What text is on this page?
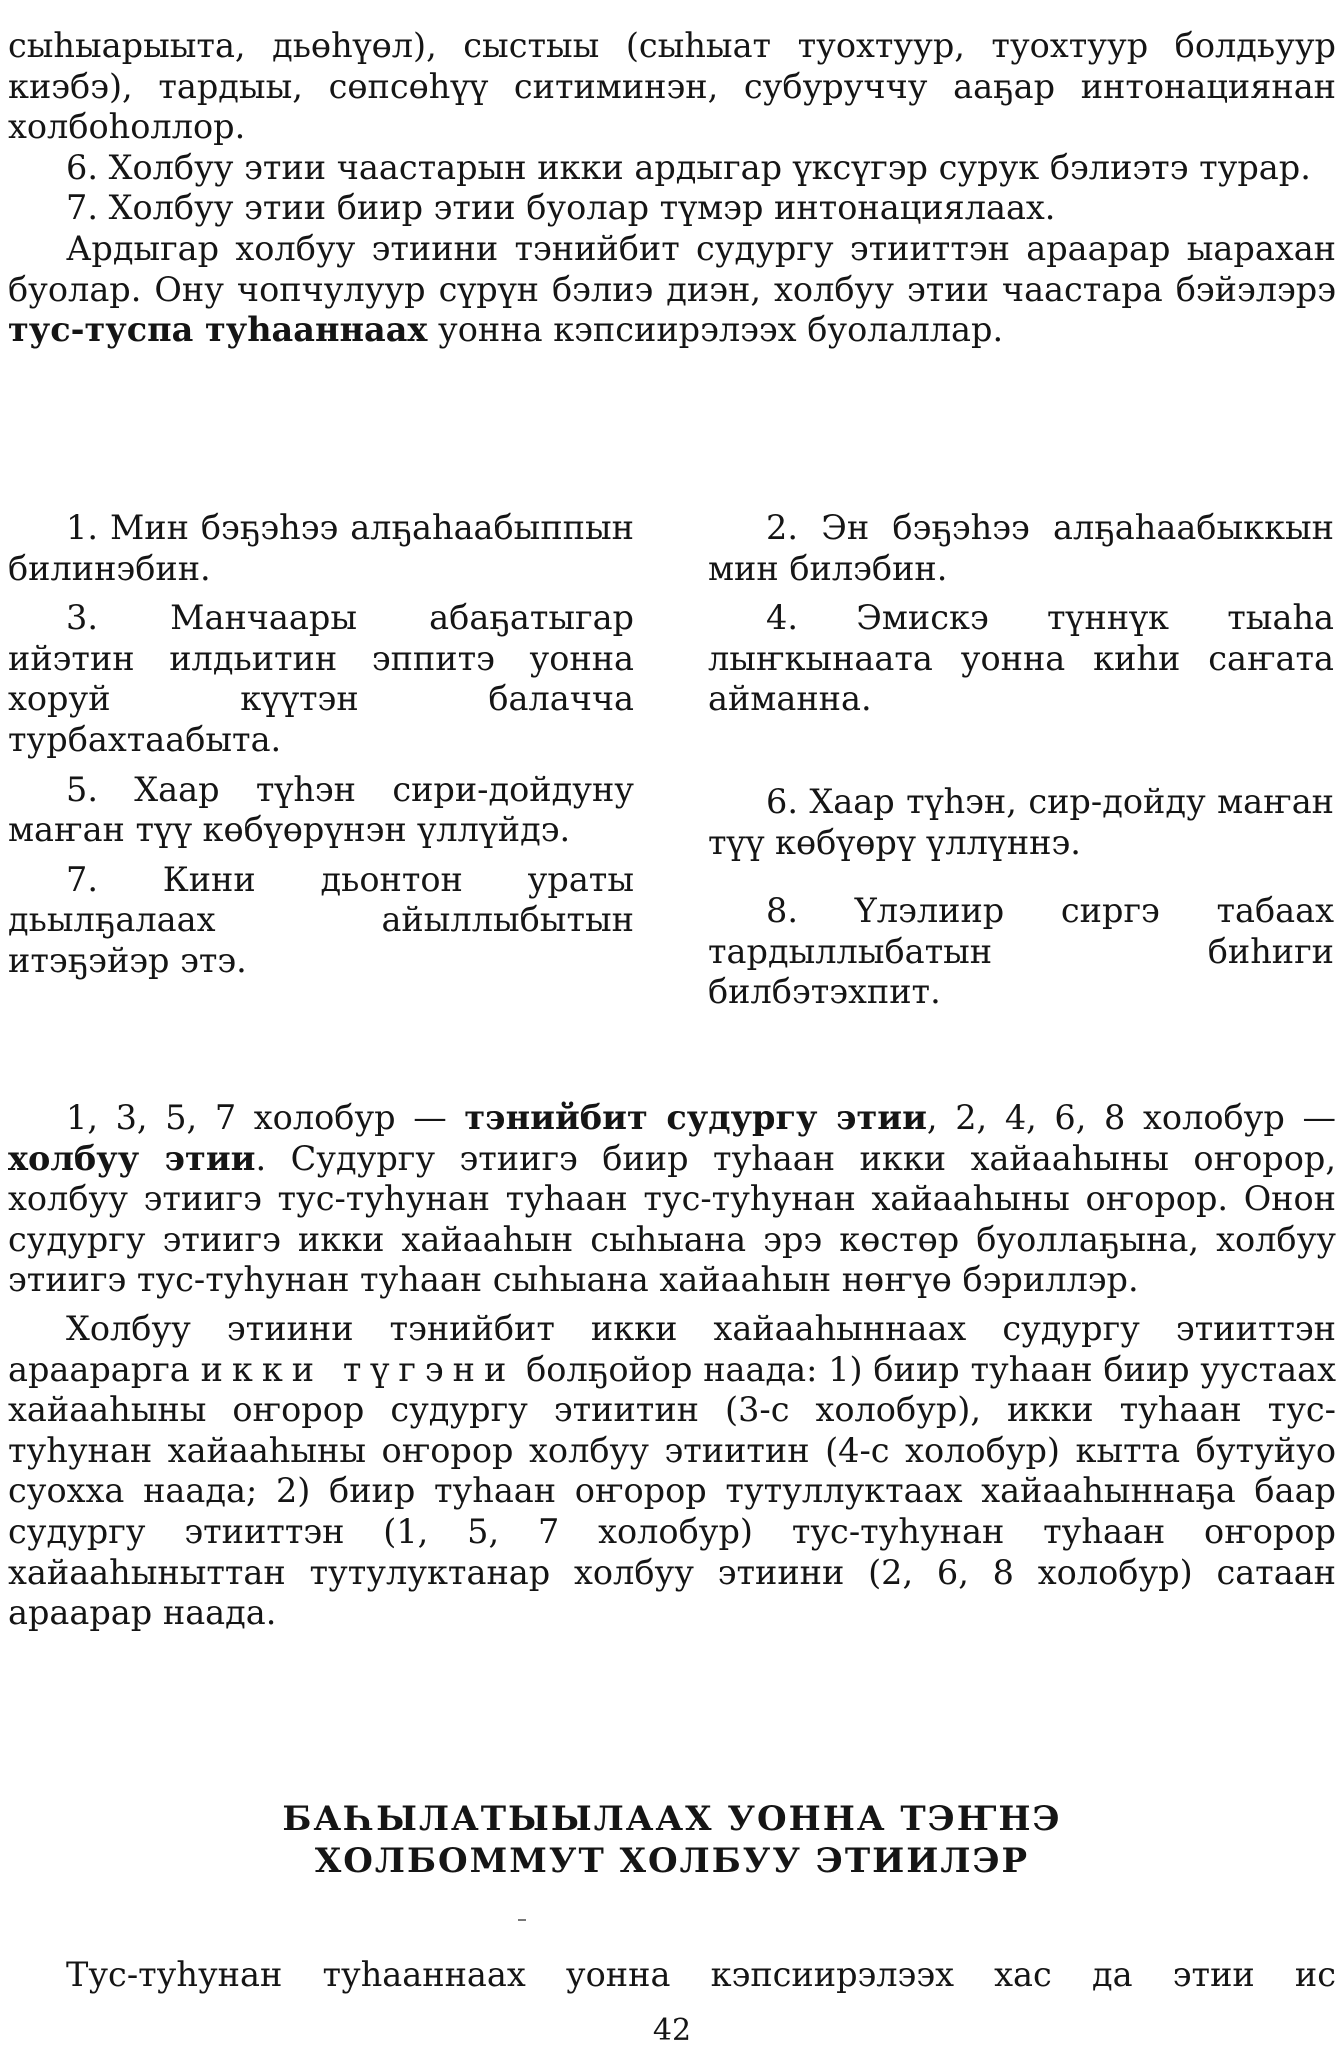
сыһыарыыта, дьөһүөл), сыстыы (сыһыат туохтуур, туохтуур болдьуур киэбэ), тардыы, сөпсөһүү ситиминэн, субуруччу ааҕар интонациянан холбоһоллор.

6. Холбуу этии чаастарын икки ардыгар үксүгэр сурук бэлиэтэ турар.

7. Холбуу этии биир этии буолар түмэр интонациялаах.

Ардыгар холбуу этиини тэнийбит судургу этииттэн араарар ыарахан буолар. Ону чопчулуур сүрүн бэлиэ диэн, холбуу этии чаастара бэйэлэрэ тус-туспа туһааннаах уонна кэпсиирэлээх буолаллар.

1. Мин бэҕэһээ алҕаһаабыппын билинэбин.

3. Манчаары абаҕатыгар ийэтин илдьитин эппитэ уонна хоруй күүтэн балачча турбахтаабыта.

5. Хаар түһэн сири-дойдуну маҥан түү көбүөрүнэн үллүйдэ.

7. Кини дьонтон ураты дьылҕалаах айыллыбытын итэҕэйэр этэ.

2. Эн бэҕэһээ алҕаһаабыккын мин билэбин.

4. Эмискэ түннүк тыаһа лыҥкынаата уонна киһи саҥата айманна.

6. Хаар түһэн, сир-дойду маҥан түү көбүөрү үллүннэ.

8. Үлэлиир сиргэ табаах тардыллыбатын биһиги билбэтэхпит.

1, 3, 5, 7 холобур — тэнийбит судургу этии, 2, 4, 6, 8 холобур — холбуу этии. Судургу этиигэ биир туһаан икки хайааһыны оҥорор, холбуу этиигэ тус-туһунан туһаан тус-туһунан хайааһыны оҥорор. Онон судургу этиигэ икки хайааһын сыһыана эрэ көстөр буоллаҕына, холбуу этиигэ тус-туһунан туһаан сыһыана хайааһын нөҥүө бэриллэр.

Холбуу этиини тэнийбит икки хайааһыннаах судургу этииттэн араарарга икки түгэни болҕойор наада: 1) биир туһаан биир уустаах хайааһыны оҥорор судургу этиитин (3-с холобур), икки туһаан тус-туһунан хайааһыны оҥорор холбуу этиитин (4-с холобур) кытта бутуйуо суохха наада; 2) биир туһаан оҥорор тутуллуктаах хайааһыннаҕа баар судургу этииттэн (1, 5, 7 холобур) тус-туһунан туһаан оҥорор хайааһыныттан тутулуктанар холбуу этиини (2, 6, 8 холобур) сатаан араарар наада.

БАҺЫЛАТЫЫЛААХ УОННА ТЭҤНЭ
ХОЛБОММУТ ХОЛБУУ ЭТИИЛЭР

Тус-туһунан туһааннаах уонна кэпсиирэлээх хас да этии ис

42
